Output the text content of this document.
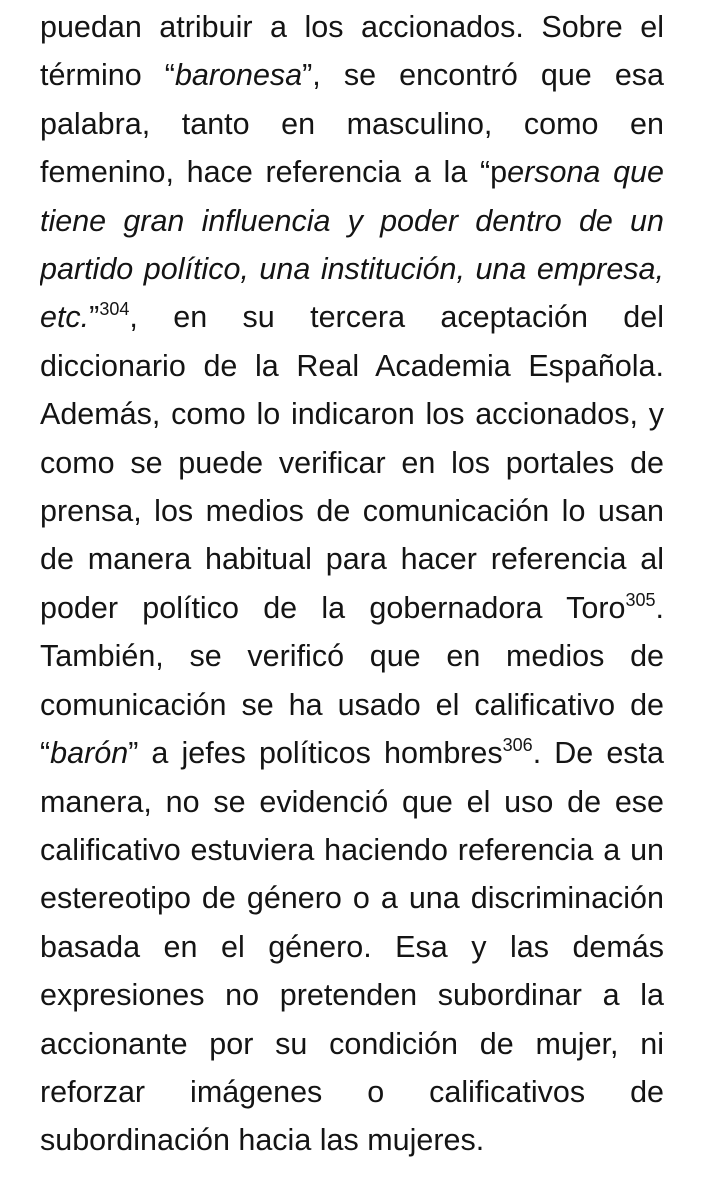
puedan atribuir a los accionados. Sobre el término “baronesa”, se encontró que esa palabra, tanto en masculino, como en femenino, hace referencia a la “persona que tiene gran influencia y poder dentro de un partido político, una institución, una empresa, etc.”$^{304}$, en su tercera aceptación del diccionario de la Real Academia Española. Además, como lo indicaron los accionados, y como se puede verificar en los portales de prensa, los medios de comunicación lo usan de manera habitual para hacer referencia al poder político de la gobernadora Toro$^{305}$. También, se verificó que en medios de comunicación se ha usado el calificativo de “barón” a jefes políticos hombres$^{306}$. De esta manera, no se evidenció que el uso de ese calificativo estuviera haciendo referencia a un estereotipo de género o a una discriminación basada en el género. Esa y las demás expresiones no pretenden subordinar a la accionante por su condición de mujer, ni reforzar imágenes o calificativos de subordinación hacia las mujeres.
